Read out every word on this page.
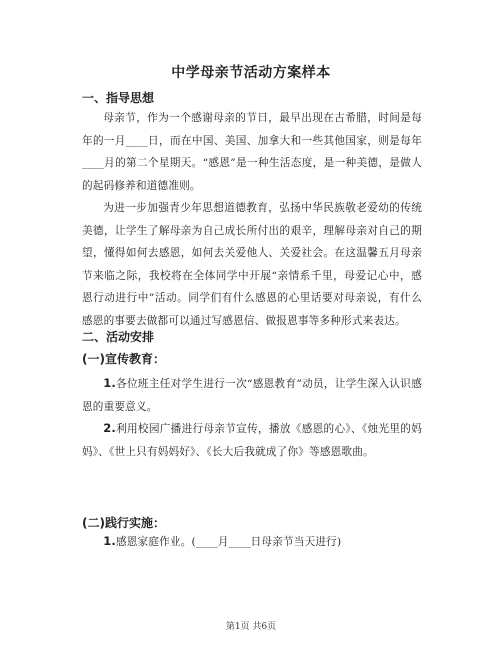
中学母亲节活动方案样本
一、指导思想
母亲节，作为一个感谢母亲的节日，最早出现在古希腊，时间是每年的一月____日，而在中国、美国、加拿大和一些其他国家，则是每年____月的第二个星期天。“感恩”是一种生活态度，是一种美德，是做人的起码修养和道德准则。
为进一步加强青少年思想道德教育，弘扬中华民族敬老爱幼的传统美德，让学生了解母亲为自己成长所付出的艰辛，理解母亲对自己的期望，懂得如何去感恩，如何去关爱他人、关爱社会。在这温馨五月母亲节来临之际，我校将在全体同学中开展“亲情系千里，母爱记心中，感恩行动进行中”活动。同学们有什么感恩的心里话要对母亲说，有什么感恩的事要去做都可以通过写感恩信、做报恩事等多种形式来表达。
二、活动安排
(一)宣传教育：
1.各位班主任对学生进行一次“感恩教育”动员，让学生深入认识感恩的重要意义。
2.利用校园广播进行母亲节宣传，播放《感恩的心》、《烛光里的妈妈》、《世上只有妈妈好》、《长大后我就成了你》等感恩歌曲。
(二)践行实施：
1.感恩家庭作业。(____月____日母亲节当天进行)
第1页 共6页
